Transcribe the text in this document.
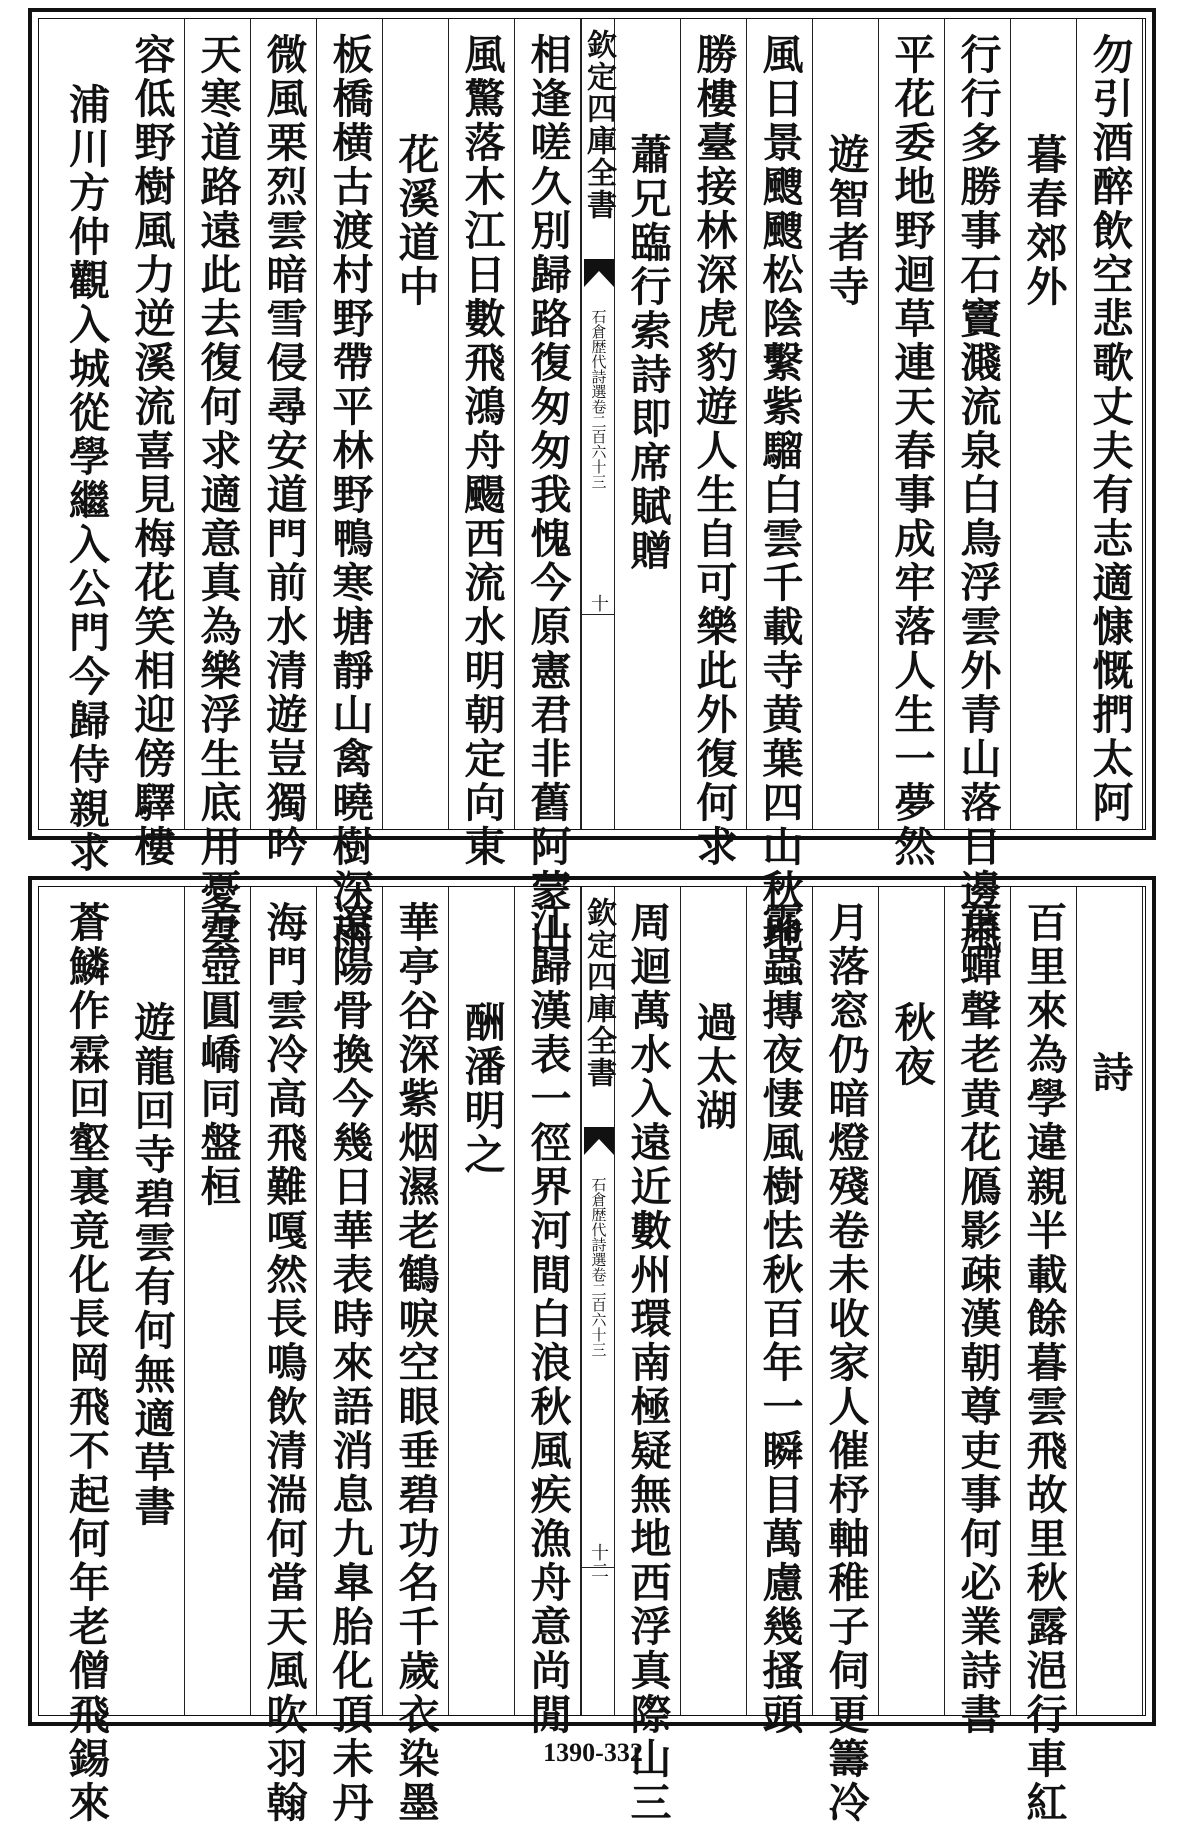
勿引酒醉飲空悲歌丈夫有志適慷慨捫太阿
暮春郊外
行行多勝事石竇濺流泉白鳥浮雲外青山落日邊風
平花委地野迴草連天春事成牢落人生一夢然
遊智者寺
風日景颼颼松陰繫紫騮白雲千載寺黄葉四山秋地
勝樓臺接林深虎豹遊人生自可樂此外復何求
蕭兄臨行索詩即席賦贈
欽定四庫全書
石倉歴代詩選卷二百六十三
十
相逢嗟久別歸路復匆匆我愧今原憲君非舊阿蒙山
風驚落木江日數飛鴻舟颺西流水明朝定向東
花溪道中
板橋横古渡村野帶平林野鴨寒塘靜山禽曉樹深雨
微風栗烈雲暗雪侵尋安道門前水清遊豈獨吟
天寒道路遠此去復何求適意真為樂浮生底用憂雲
容低野樹風力逆溪流喜見梅花笑相迎傍驛樓
浦川方仲觀入城從學繼入公門今歸侍親求
詩
百里來為學違親半載餘暮雲飛故里秋露浥行車紅
葉蟬聲老黄花鴈影疎漢朝尊吏事何必業詩書
秋夜
月落窓仍暗燈殘卷未收家人催杼軸稚子伺更籌冷
露蟲摶夜悽風樹怯秋百年一瞬目萬慮幾搔頭
過太湖
周迴萬水入遠近數州環南極疑無地西浮真際山三
欽定四庫全書
石倉歴代詩選卷二百六十三
十二
江歸漢表一徑界河間白浪秋風疾漁舟意尚閒
酬潘明之
華亭谷深紫烟濕老鶴唳空眼垂碧功名千歲衣染墨
遼陽骨換今幾日華表時來語消息九臯胎化頂未丹
海門雲冷高飛難嘎然長鳴飲清湍何當天風吹羽翰
方壺圓嶠同盤桓
遊龍回寺碧雲有何無適草書
蒼鱗作霖回壑裏竟化長岡飛不起何年老僧飛錫來	1390-332
